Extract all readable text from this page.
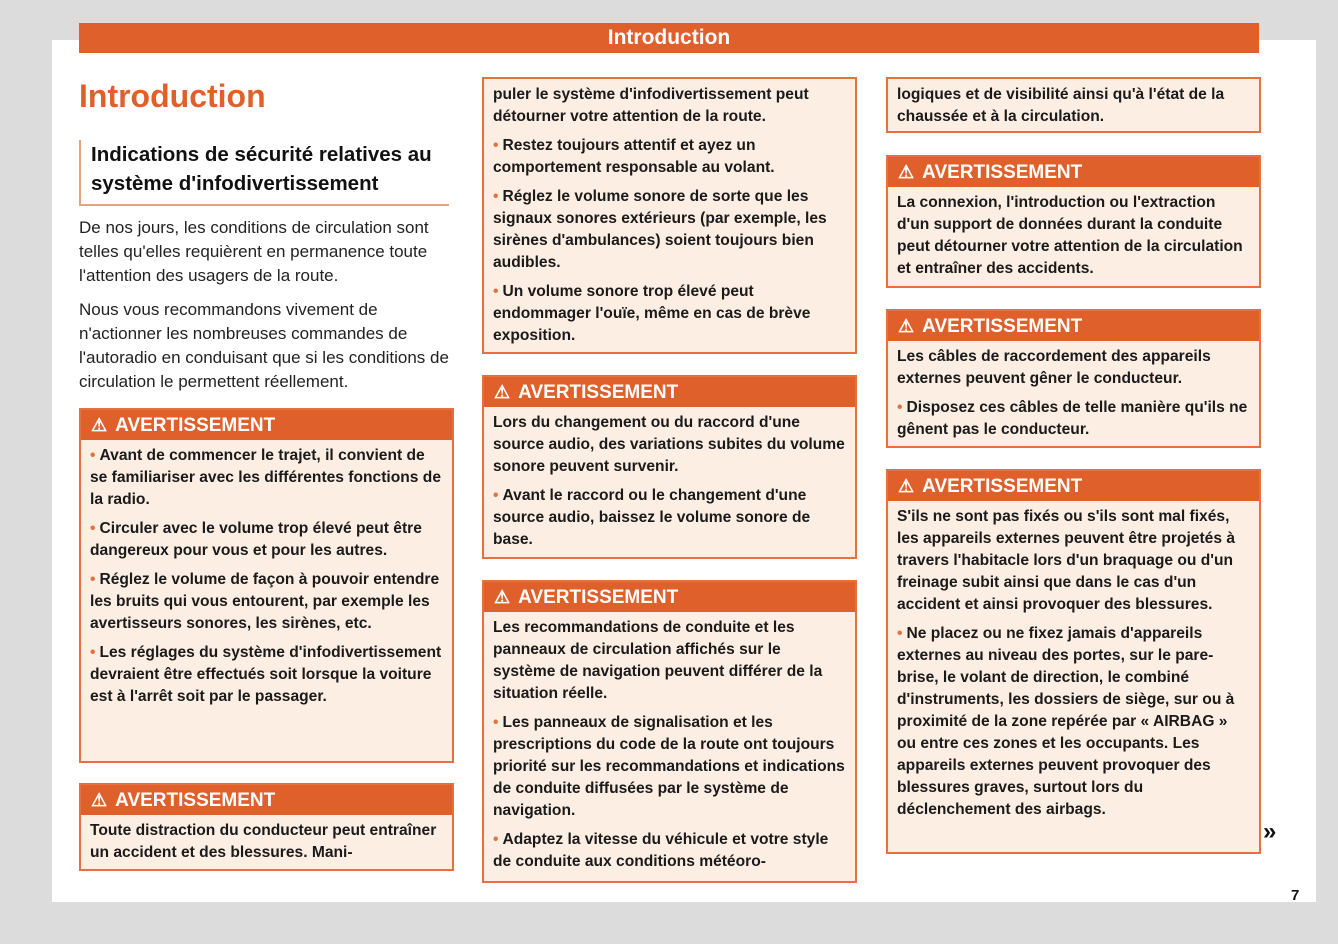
Introduction
Introduction
Indications de sécurité relatives au système d'infodivertissement

De nos jours, les conditions de circulation sont telles qu'elles requièrent en permanence toute l'attention des usagers de la route.

Nous vous recommandons vivement de n'actionner les nombreuses commandes de l'autoradio en conduisant que si les conditions de circulation le permettent réellement.

⚠ AVERTISSEMENT

• Avant de commencer le trajet, il convient de se familiariser avec les différentes fonctions de la radio.

• Circuler avec le volume trop élevé peut être dangereux pour vous et pour les autres.

• Réglez le volume de façon à pouvoir entendre les bruits qui vous entourent, par exemple les avertisseurs sonores, les sirènes, etc.

• Les réglages du système d'infodivertissement devraient être effectués soit lorsque la voiture est à l'arrêt soit par le passager.

⚠ AVERTISSEMENT

Toute distraction du conducteur peut entraîner un accident et des blessures. Mani-

puler le système d'infodivertissement peut détourner votre attention de la route.

• Restez toujours attentif et ayez un comportement responsable au volant.

• Réglez le volume sonore de sorte que les signaux sonores extérieurs (par exemple, les sirènes d'ambulances) soient toujours bien audibles.

• Un volume sonore trop élevé peut endommager l'ouïe, même en cas de brève exposition.

⚠ AVERTISSEMENT

Lors du changement ou du raccord d'une source audio, des variations subites du volume sonore peuvent survenir.

• Avant le raccord ou le changement d'une source audio, baissez le volume sonore de base.

⚠ AVERTISSEMENT

Les recommandations de conduite et les panneaux de circulation affichés sur le système de navigation peuvent différer de la situation réelle.

• Les panneaux de signalisation et les prescriptions du code de la route ont toujours priorité sur les recommandations et indications de conduite diffusées par le système de navigation.

• Adaptez la vitesse du véhicule et votre style de conduite aux conditions météoro-

logiques et de visibilité ainsi qu'à l'état de la chaussée et à la circulation.

⚠ AVERTISSEMENT

La connexion, l'introduction ou l'extraction d'un support de données durant la conduite peut détourner votre attention de la circulation et entraîner des accidents.

⚠ AVERTISSEMENT

Les câbles de raccordement des appareils externes peuvent gêner le conducteur.

• Disposez ces câbles de telle manière qu'ils ne gênent pas le conducteur.

⚠ AVERTISSEMENT

S'ils ne sont pas fixés ou s'ils sont mal fixés, les appareils externes peuvent être projetés à travers l'habitacle lors d'un braquage ou d'un freinage subit ainsi que dans le cas d'un accident et ainsi provoquer des blessures.

• Ne placez ou ne fixez jamais d'appareils externes au niveau des portes, sur le pare-brise, le volant de direction, le combiné d'instruments, les dossiers de siège, sur ou à proximité de la zone repérée par « AIRBAG » ou entre ces zones et les occupants. Les appareils externes peuvent provoquer des blessures graves, surtout lors du déclenchement des airbags.

»
7
